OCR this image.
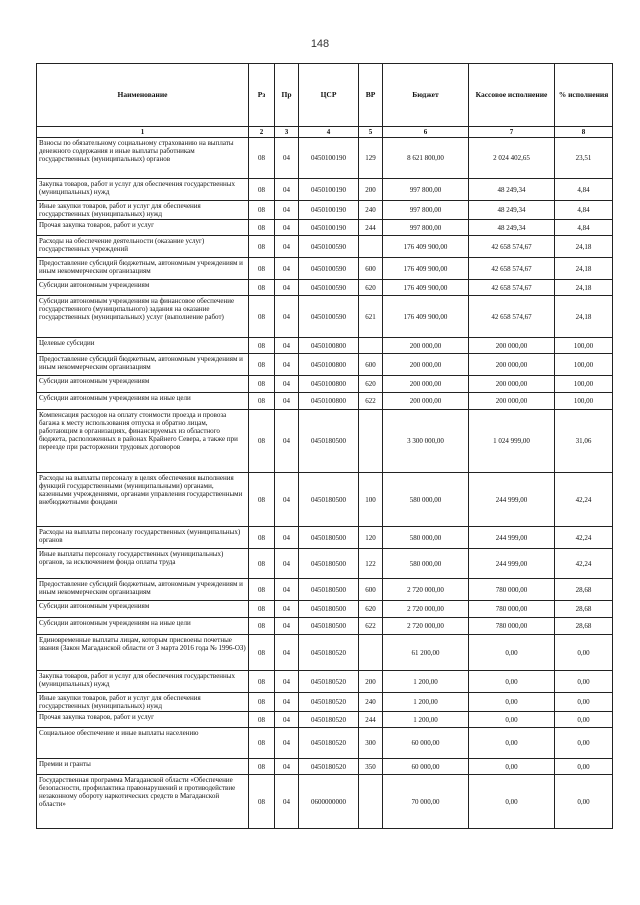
148
Наименование	Рз	Пр	ЦСР	ВР	Бюджет	Кассовое исполнение	% исполнения
1	2	3	4	5	6	7	8
Взносы по обязательному социальному страхованию на выплаты денежного содержания и иные выплаты работникам государственных (муниципальных) органов	08	04	0450100190	129	8 621 800,00	2 024 402,65	23,51
Закупка товаров, работ и услуг для обеспечения государственных (муниципальных) нужд	08	04	0450100190	200	997 800,00	48 249,34	4,84
Иные закупки товаров, работ и услуг для обеспечения государственных (муниципальных) нужд	08	04	0450100190	240	997 800,00	48 249,34	4,84
Прочая закупка товаров, работ и услуг	08	04	0450100190	244	997 800,00	48 249,34	4,84
Расходы на обеспечение деятельности (оказание услуг) государственных учреждений	08	04	0450100590		176 409 900,00	42 658 574,67	24,18
Предоставление субсидий бюджетным, автономным учреждениям и иным некоммерческим организациям	08	04	0450100590	600	176 409 900,00	42 658 574,67	24,18
Субсидии автономным учреждениям	08	04	0450100590	620	176 409 900,00	42 658 574,67	24,18
Субсидии автономным учреждениям на финансовое обеспечение государственного (муниципального) задания на оказание государственных (муниципальных) услуг (выполнение работ)	08	04	0450100590	621	176 409 900,00	42 658 574,67	24,18
Целевые субсидии	08	04	0450100800		200 000,00	200 000,00	100,00
Предоставление субсидий бюджетным, автономным учреждениям и иным некоммерческим организациям	08	04	0450100800	600	200 000,00	200 000,00	100,00
Субсидии автономным учреждениям	08	04	0450100800	620	200 000,00	200 000,00	100,00
Субсидии автономным учреждениям на иные цели	08	04	0450100800	622	200 000,00	200 000,00	100,00
Компенсация расходов на оплату стоимости проезда и провоза багажа к месту использования отпуска и обратно лицам, работающим в организациях, финансируемых из областного бюджета, расположенных в районах Крайнего Севера, а также при переезде при расторжении трудовых договоров	08	04	0450180500		3 300 000,00	1 024 999,00	31,06
Расходы на выплаты персоналу в целях обеспечения выполнения функций государственными (муниципальными) органами, казенными учреждениями, органами управления государственными внебюджетными фондами	08	04	0450180500	100	580 000,00	244 999,00	42,24
Расходы на выплаты персоналу государственных (муниципальных) органов	08	04	0450180500	120	580 000,00	244 999,00	42,24
Иные выплаты персоналу государственных (муниципальных) органов, за исключением фонда оплаты труда	08	04	0450180500	122	580 000,00	244 999,00	42,24
Предоставление субсидий бюджетным, автономным учреждениям и иным некоммерческим организациям	08	04	0450180500	600	2 720 000,00	780 000,00	28,68
Субсидии автономным учреждениям	08	04	0450180500	620	2 720 000,00	780 000,00	28,68
Субсидии автономным учреждениям на иные цели	08	04	0450180500	622	2 720 000,00	780 000,00	28,68
Единовременные выплаты лицам, которым присвоены почетные звания (Закон Магаданской области от 3 марта 2016 года № 1996-ОЗ)	08	04	0450180520		61 200,00	0,00	0,00
Закупка товаров, работ и услуг для обеспечения государственных (муниципальных) нужд	08	04	0450180520	200	1 200,00	0,00	0,00
Иные закупки товаров, работ и услуг для обеспечения государственных (муниципальных) нужд	08	04	0450180520	240	1 200,00	0,00	0,00
Прочая закупка товаров, работ и услуг	08	04	0450180520	244	1 200,00	0,00	0,00
Социальное обеспечение и иные выплаты населению	08	04	0450180520	300	60 000,00	0,00	0,00
Премии и гранты	08	04	0450180520	350	60 000,00	0,00	0,00
Государственная программа Магаданской области «Обеспечение безопасности, профилактика правонарушений и противодействие незаконному обороту наркотических средств в Магаданской области»	08	04	0600000000		70 000,00	0,00	0,00
